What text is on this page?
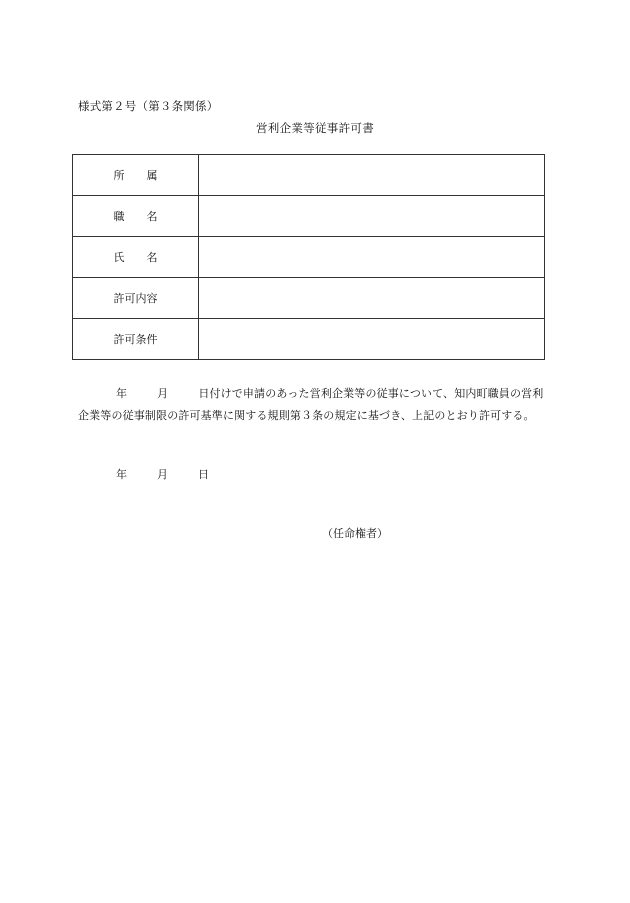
様式第２号（第３条関係）
営利企業等従事許可書
所　　属	
職　　名	
氏　　名	
許可内容	
許可条件	
年	月	日付けで申請のあった営利企業等の従事について、知内町職員の営利
企業等の従事制限の許可基準に関する規則第３条の規定に基づき、上記のとおり許可する。
年	月	日
（任命権者）
